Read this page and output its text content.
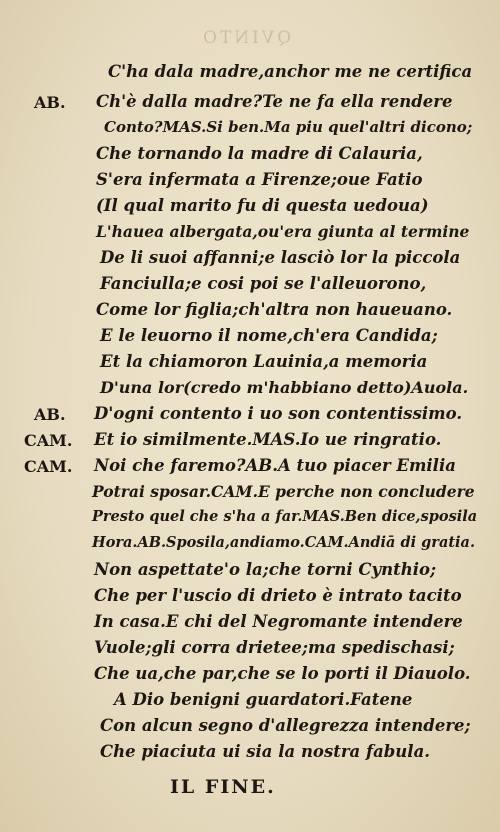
QVINTO
C'ha dala madre,anchor me ne certifica
AB. Ch'è dalla madre?Te ne fa ella rendere
Conto?MAS.Si ben.Ma piu quel'altri dicono;
Che tornando la madre di Calauria,
S'era infermata a Firenze;oue Fatio
(Il qual marito fu di questa uedoua)
L'hauea albergata,ou'era giunta al termine
De li suoi affanni;e lasciò lor la piccola
Fanciulla;e cosi poi se l'alleuorono,
Come lor figlia;ch'altra non haueuano.
E le leuorno il nome,ch'era Candida;
Et la chiamoron Lauinia,a memoria
D'una lor(credo m'habbiano detto)Auola.
AB. D'ogni contento i uo son contentissimo.
CAM. Et io similmente.MAS.Io ue ringratio.
CAM. Noi che faremo?AB.A tuo piacer Emilia
Potrai sposar.CAM.E perche non concludere
Presto quel che s'ha a far.MAS.Ben dice,sposila
Hora.AB.Sposila,andiamo.CAM.Andiā di gratia.
Non aspettate'o la;che torni Cynthio;
Che per l'uscio di drieto è intrato tacito
In casa.E chi del Negromante intendere
Vuole;gli corra drietee;ma spedischasi;
Che ua,che par,che se lo porti il Diauolo.
A Dio benigni guardatori.Fatene
Con alcun segno d'allegrezza intendere;
Che piaciuta ui sia la nostra fabula.
IL FINE.
